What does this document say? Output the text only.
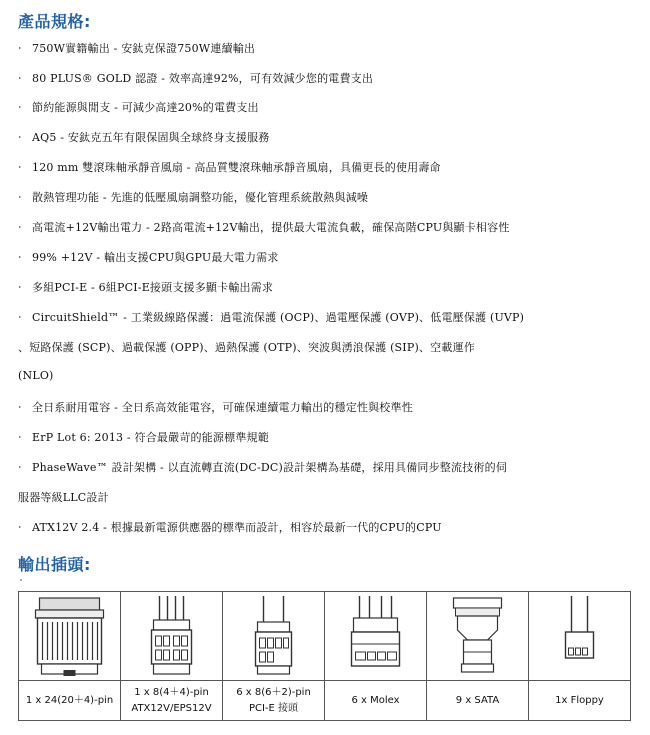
產品規格:
‧ 750W實籍輸出 - 安鈦克保證750W連續輸出
‧ 80 PLUS® GOLD 認證 - 效率高達92%，可有效減少您的電費支出
‧ 節約能源與閒支 - 可減少高達20%的電費支出
‧ AQ5 - 安鈦克五年有限保固與全球終身支援服務
‧ 120 mm 雙滾珠軸承靜音風扇 - 高品質雙滾珠軸承靜音風扇，具備更長的使用壽命
‧ 散熱管理功能 - 先進的低壓風扇調整功能，優化管理系統散熱與減噪
‧ 高電流+12V輸出電力 - 2路高電流+12V輸出，提供最大電流負載，確保高階CPU與顯卡相容性
‧ 99% +12V - 輸出支援CPU與GPU最大電力需求
‧ 多組PCI-E - 6組PCI-E接頭支援多顯卡輸出需求
‧ CircuitShield™ - 工業級線路保護：過電流保護 (OCP)、過電壓保護 (OVP)、低電壓保護 (UVP)
、短路保護 (SCP)、過載保護 (OPP)、過熱保護 (OTP)、突波與湧浪保護 (SIP)、空載運作
(NLO)
‧ 全日系耐用電容 - 全日系高效能電容，可確保連續電力輸出的穩定性與校準性
‧ ErP Lot 6: 2013 - 符合最嚴苛的能源標準規範
‧ PhaseWave™ 設計架構 - 以直流轉直流(DC-DC)設計架構為基礎，採用具備同步整流技術的伺
服器等級LLC設計
‧ ATX12V 2.4 - 根據最新電源供應器的標準而設計，相容於最新一代的CPU的CPU
輸出插頭:
1 x 24(20＋4)-pin
1 x 8(4＋4)-pin
ATX12V/EPS12V
6 x 8(6＋2)-pin
PCI-E 接頭
6 x Molex	9 x SATA	1x Floppy
